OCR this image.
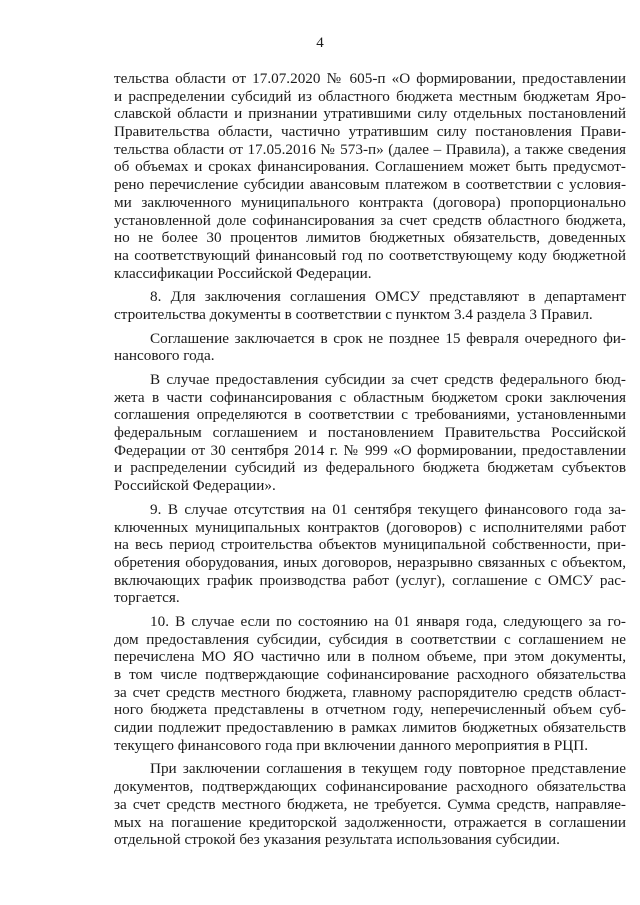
4
тельства области от 17.07.2020 № 605-п «О формировании, предоставлении
и распределении субсидий из областного бюджета местным бюджетам Яро-
славской области и признании утратившими силу отдельных постановлений
Правительства области, частично утратившим силу постановления Прави-
тельства области от 17.05.2016 № 573-п» (далее – Правила), а также сведения
об объемах и сроках финансирования. Соглашением может быть предусмот-
рено перечисление субсидии авансовым платежом в соответствии с условия-
ми заключенного муниципального контракта (договора) пропорционально
установленной доле софинансирования за счет средств областного бюджета,
но не более 30 процентов лимитов бюджетных обязательств, доведенных
на соответствующий финансовый год по соответствующему коду бюджетной
классификации Российской Федерации.
8. Для заключения соглашения ОМСУ представляют в департамент
строительства документы в соответствии с пунктом 3.4 раздела 3 Правил.
Соглашение заключается в срок не позднее 15 февраля очередного фи-
нансового года.
В случае предоставления субсидии за счет средств федерального бюд-
жета в части софинансирования с областным бюджетом сроки заключения
соглашения определяются в соответствии с требованиями, установленными
федеральным соглашением и постановлением Правительства Российской
Федерации от 30 сентября 2014 г. № 999 «О формировании, предоставлении
и распределении субсидий из федерального бюджета бюджетам субъектов
Российской Федерации».
9. В случае отсутствия на 01 сентября текущего финансового года за-
ключенных муниципальных контрактов (договоров) с исполнителями работ
на весь период строительства объектов муниципальной собственности, при-
обретения оборудования, иных договоров, неразрывно связанных с объектом,
включающих график производства работ (услуг), соглашение с ОМСУ рас-
торгается.
10. В случае если по состоянию на 01 января года, следующего за го-
дом предоставления субсидии, субсидия в соответствии с соглашением не
перечислена МО ЯО частично или в полном объеме, при этом документы,
в том числе подтверждающие софинансирование расходного обязательства
за счет средств местного бюджета, главному распорядителю средств област-
ного бюджета представлены в отчетном году, неперечисленный объем суб-
сидии подлежит предоставлению в рамках лимитов бюджетных обязательств
текущего финансового года при включении данного мероприятия в РЦП.
При заключении соглашения в текущем году повторное представление
документов, подтверждающих софинансирование расходного обязательства
за счет средств местного бюджета, не требуется. Сумма средств, направляе-
мых на погашение кредиторской задолженности, отражается в соглашении
отдельной строкой без указания результата использования субсидии.
